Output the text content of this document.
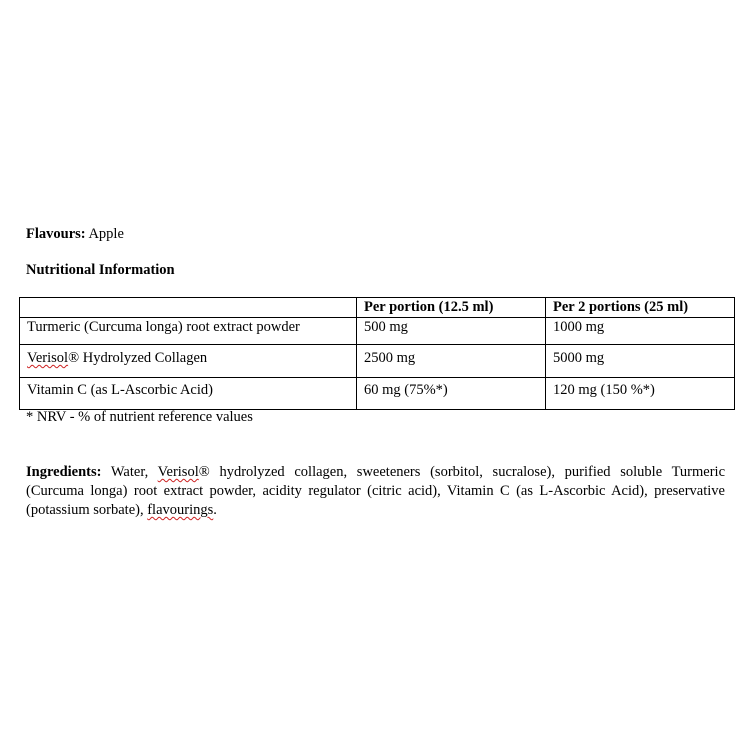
Flavours: Apple
Nutritional Information
	Per portion (12.5 ml)	Per 2 portions (25 ml)
Turmeric (Curcuma longa) root extract powder	500 mg	1000 mg
Verisol® Hydrolyzed Collagen	2500 mg	5000 mg
Vitamin C (as L-Ascorbic Acid)	60 mg (75%*)	120 mg (150 %*)
* NRV - % of nutrient reference values
Ingredients: Water, Verisol® hydrolyzed collagen, sweeteners (sorbitol, sucralose), purified soluble Turmeric (Curcuma longa) root extract powder, acidity regulator (citric acid), Vitamin C (as L-Ascorbic Acid), preservative (potassium sorbate), flavourings.
